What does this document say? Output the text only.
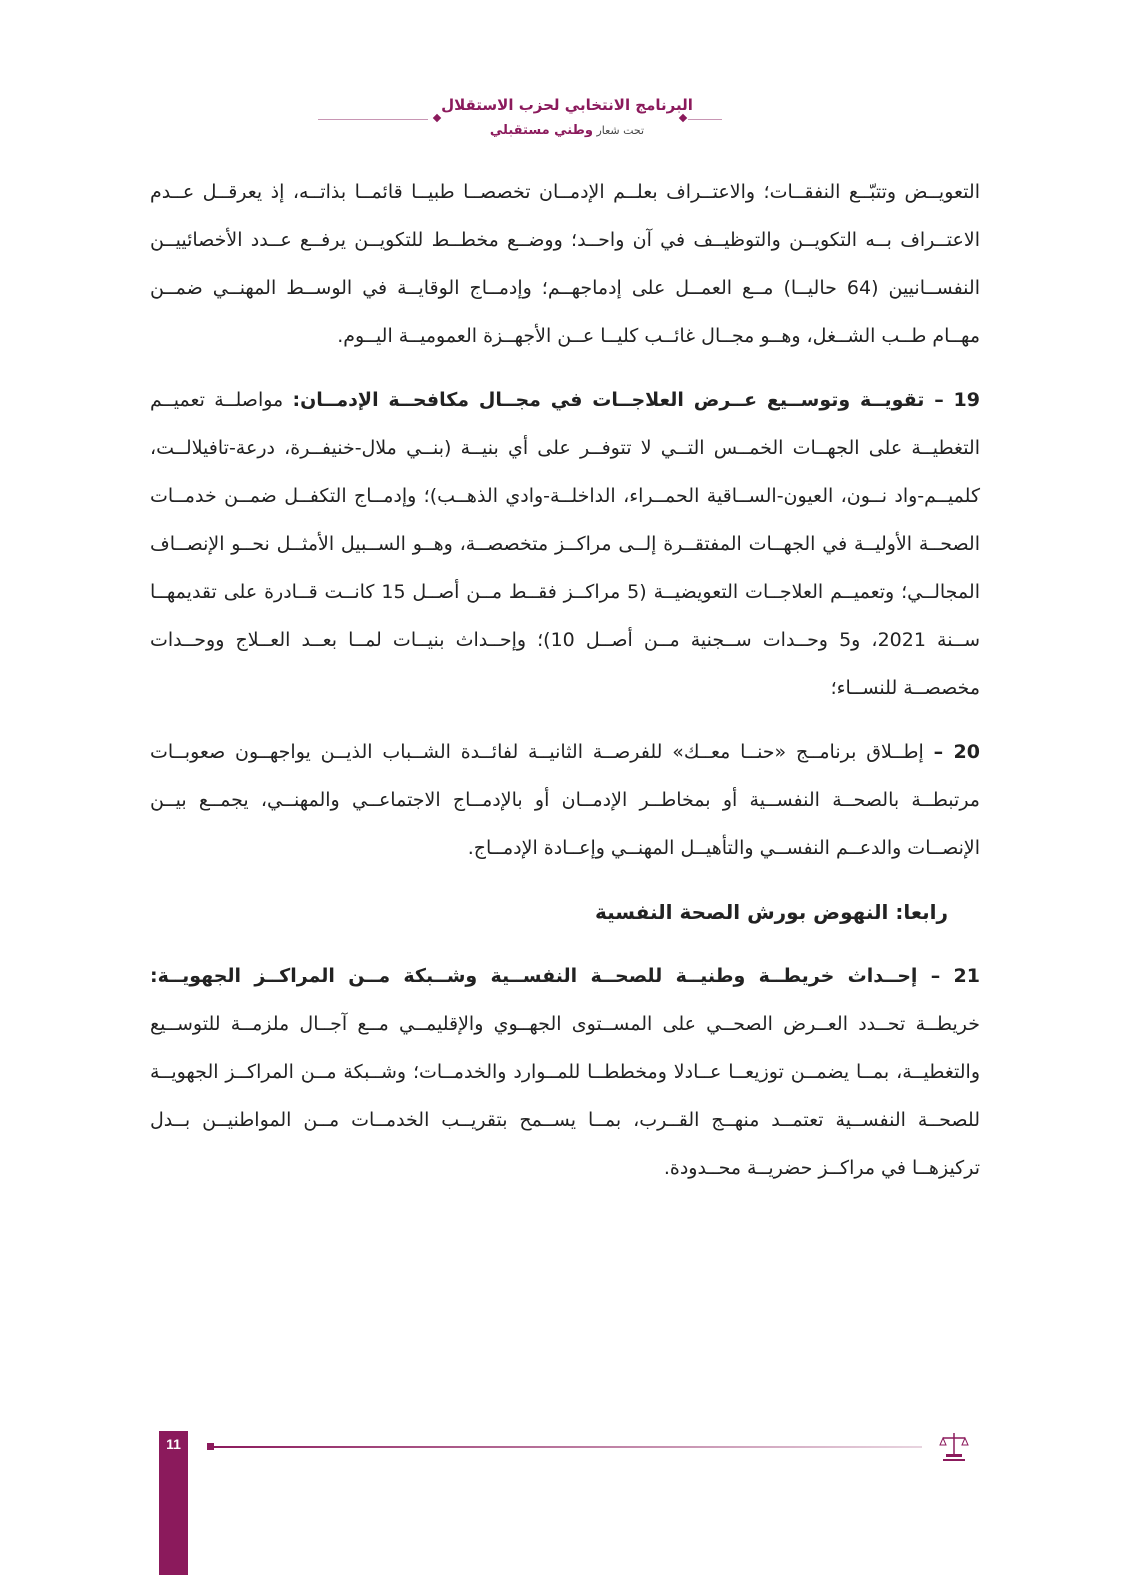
البرنامج الانتخابي لحزب الاستقلال
تحت شعار وطني مستقبلي

التعويــض وتتبّــع النفقــات؛ والاعتــراف بعلــم الإدمــان تخصصــا طبيــا قائمــا بذاتــه، إذ يعرقــل عــدم الاعتــراف بــه التكويــن والتوظيــف في آن واحــد؛ ووضــع مخطــط للتكويــن يرفــع عــدد الأخصائييــن النفســانيين (64 حاليــا) مــع العمــل على إدماجهــم؛ وإدمــاج الوقايــة في الوســط المهنــي ضمــن مهــام طــب الشــغل، وهــو مجــال غائــب كليــا عــن الأجهــزة العموميــة اليــوم.

19 – تقويــة وتوســيع عــرض العلاجــات في مجــال مكافحــة الإدمــان: مواصلــة تعميــم التغطيــة على الجهــات الخمــس التــي لا تتوفــر على أي بنيــة (بنــي ملال-خنيفــرة، درعة-تافيلالــت، كلميــم-واد نــون، العيون-الســاقية الحمــراء، الداخلــة-وادي الذهــب)؛ وإدمــاج التكفــل ضمــن خدمــات الصحــة الأوليــة في الجهــات المفتقــرة إلــى مراكــز متخصصــة، وهــو الســبيل الأمثــل نحــو الإنصــاف المجالــي؛ وتعميــم العلاجــات التعويضيــة (5 مراكــز فقــط مــن أصــل 15 كانــت قــادرة على تقديمهــا ســنة 2021، و5 وحــدات ســجنية مــن أصــل 10)؛ وإحــداث بنيــات لمــا بعــد العــلاج ووحــدات مخصصــة للنســاء؛

20 – إطــلاق برنامــج «حنــا معــك» للفرصــة الثانيــة لفائــدة الشــباب الذيــن يواجهــون صعوبــات مرتبطــة بالصحــة النفســية أو بمخاطــر الإدمــان أو بالإدمــاج الاجتماعــي والمهنــي، يجمــع بيــن الإنصــات والدعــم النفســي والتأهيــل المهنــي وإعــادة الإدمــاج.

رابعا: النهوض بورش الصحة النفسية

21 – إحــداث خريطــة وطنيــة للصحــة النفســية وشــبكة مــن المراكــز الجهويــة: خريطــة تحــدد العــرض الصحــي على المســتوى الجهــوي والإقليمــي مــع آجــال ملزمــة للتوســيع والتغطيــة، بمــا يضمــن توزيعــا عــادلا ومخططــا للمــوارد والخدمــات؛ وشــبكة مــن المراكــز الجهويــة للصحــة النفســية تعتمــد منهــج القــرب، بمــا يســمح بتقريــب الخدمــات مــن المواطنيــن بــدل تركيزهــا في مراكــز حضريــة محــدودة.

11
